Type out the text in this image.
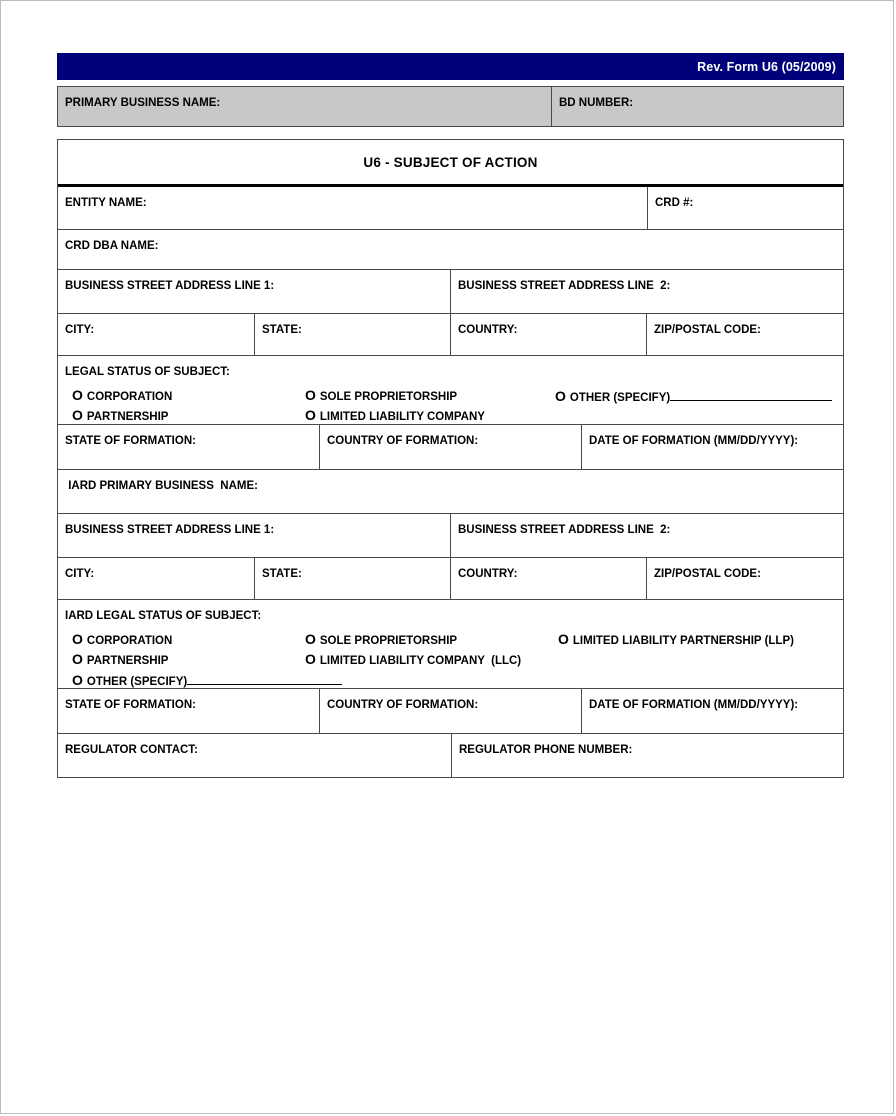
Rev. Form U6 (05/2009)
PRIMARY BUSINESS NAME:	BD NUMBER:
U6 - SUBJECT OF ACTION
ENTITY NAME:	CRD #:
CRD DBA NAME:
BUSINESS STREET ADDRESS LINE 1:	BUSINESS STREET ADDRESS LINE  2:
CITY:	STATE:	COUNTRY:	ZIP/POSTAL CODE:
LEGAL STATUS OF SUBJECT:
O CORPORATION	O SOLE PROPRIETORSHIP	O OTHER (SPECIFY)
O PARTNERSHIP	O LIMITED LIABILITY COMPANY
STATE OF FORMATION:	COUNTRY OF FORMATION:	DATE OF FORMATION (MM/DD/YYYY):
IARD PRIMARY BUSINESS  NAME:
BUSINESS STREET ADDRESS LINE 1:	BUSINESS STREET ADDRESS LINE  2:
CITY:	STATE:	COUNTRY:	ZIP/POSTAL CODE:
IARD LEGAL STATUS OF SUBJECT:
O CORPORATION	O SOLE PROPRIETORSHIP	O LIMITED LIABILITY PARTNERSHIP (LLP)
O PARTNERSHIP	O LIMITED LIABILITY COMPANY  (LLC)
O OTHER (SPECIFY)
STATE OF FORMATION:	COUNTRY OF FORMATION:	DATE OF FORMATION (MM/DD/YYYY):
REGULATOR CONTACT:	REGULATOR PHONE NUMBER:
